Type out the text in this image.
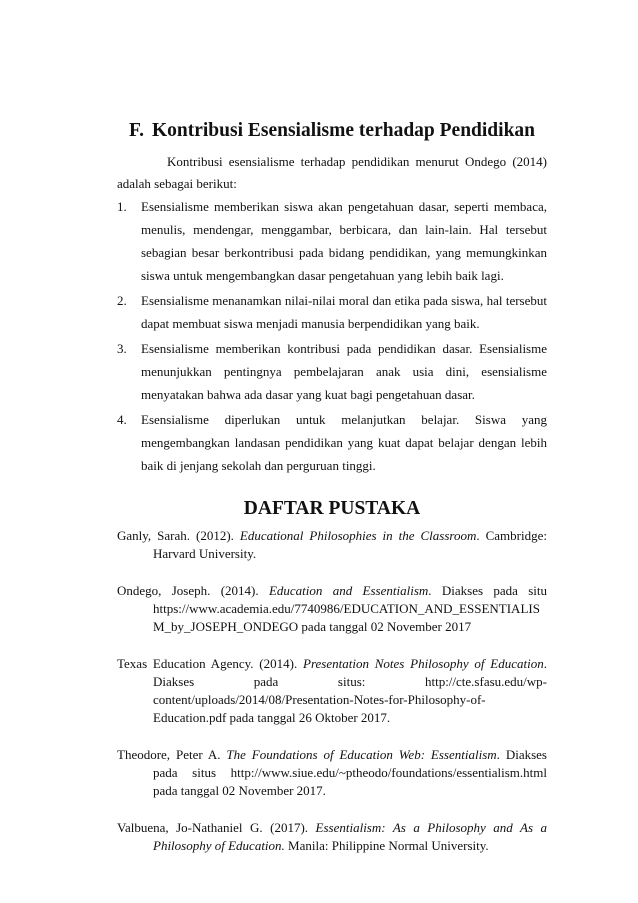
F. Kontribusi Esensialisme terhadap Pendidikan

Kontribusi esensialisme terhadap pendidikan menurut Ondego (2014) adalah sebagai berikut:

1. Esensialisme memberikan siswa akan pengetahuan dasar, seperti membaca, menulis, mendengar, menggambar, berbicara, dan lain-lain. Hal tersebut sebagian besar berkontribusi pada bidang pendidikan, yang memungkinkan siswa untuk mengembangkan dasar pengetahuan yang lebih baik lagi.
2. Esensialisme menanamkan nilai-nilai moral dan etika pada siswa, hal tersebut dapat membuat siswa menjadi manusia berpendidikan yang baik.
3. Esensialisme memberikan kontribusi pada pendidikan dasar. Esensialisme menunjukkan pentingnya pembelajaran anak usia dini, esensialisme menyatakan bahwa ada dasar yang kuat bagi pengetahuan dasar.
4. Esensialisme diperlukan untuk melanjutkan belajar. Siswa yang mengembangkan landasan pendidikan yang kuat dapat belajar dengan lebih baik di jenjang sekolah dan perguruan tinggi.
DAFTAR PUSTAKA

Ganly, Sarah. (2012). Educational Philosophies in the Classroom. Cambridge: Harvard University.

Ondego, Joseph. (2014). Education and Essentialism. Diakses pada situ https://www.academia.edu/7740986/EDUCATION_AND_ESSENTIALISM_by_JOSEPH_ONDEGO pada tanggal 02 November 2017

Texas Education Agency. (2014). Presentation Notes Philosophy of Education. Diakses pada situs: http://cte.sfasu.edu/wp-content/uploads/2014/08/Presentation-Notes-for-Philosophy-of-Education.pdf pada tanggal 26 Oktober 2017.

Theodore, Peter A. The Foundations of Education Web: Essentialism. Diakses pada situs http://www.siue.edu/~ptheodo/foundations/essentialism.html pada tanggal 02 November 2017.

Valbuena, Jo-Nathaniel G. (2017). Essentialism: As a Philosophy and As a Philosophy of Education. Manila: Philippine Normal University.
